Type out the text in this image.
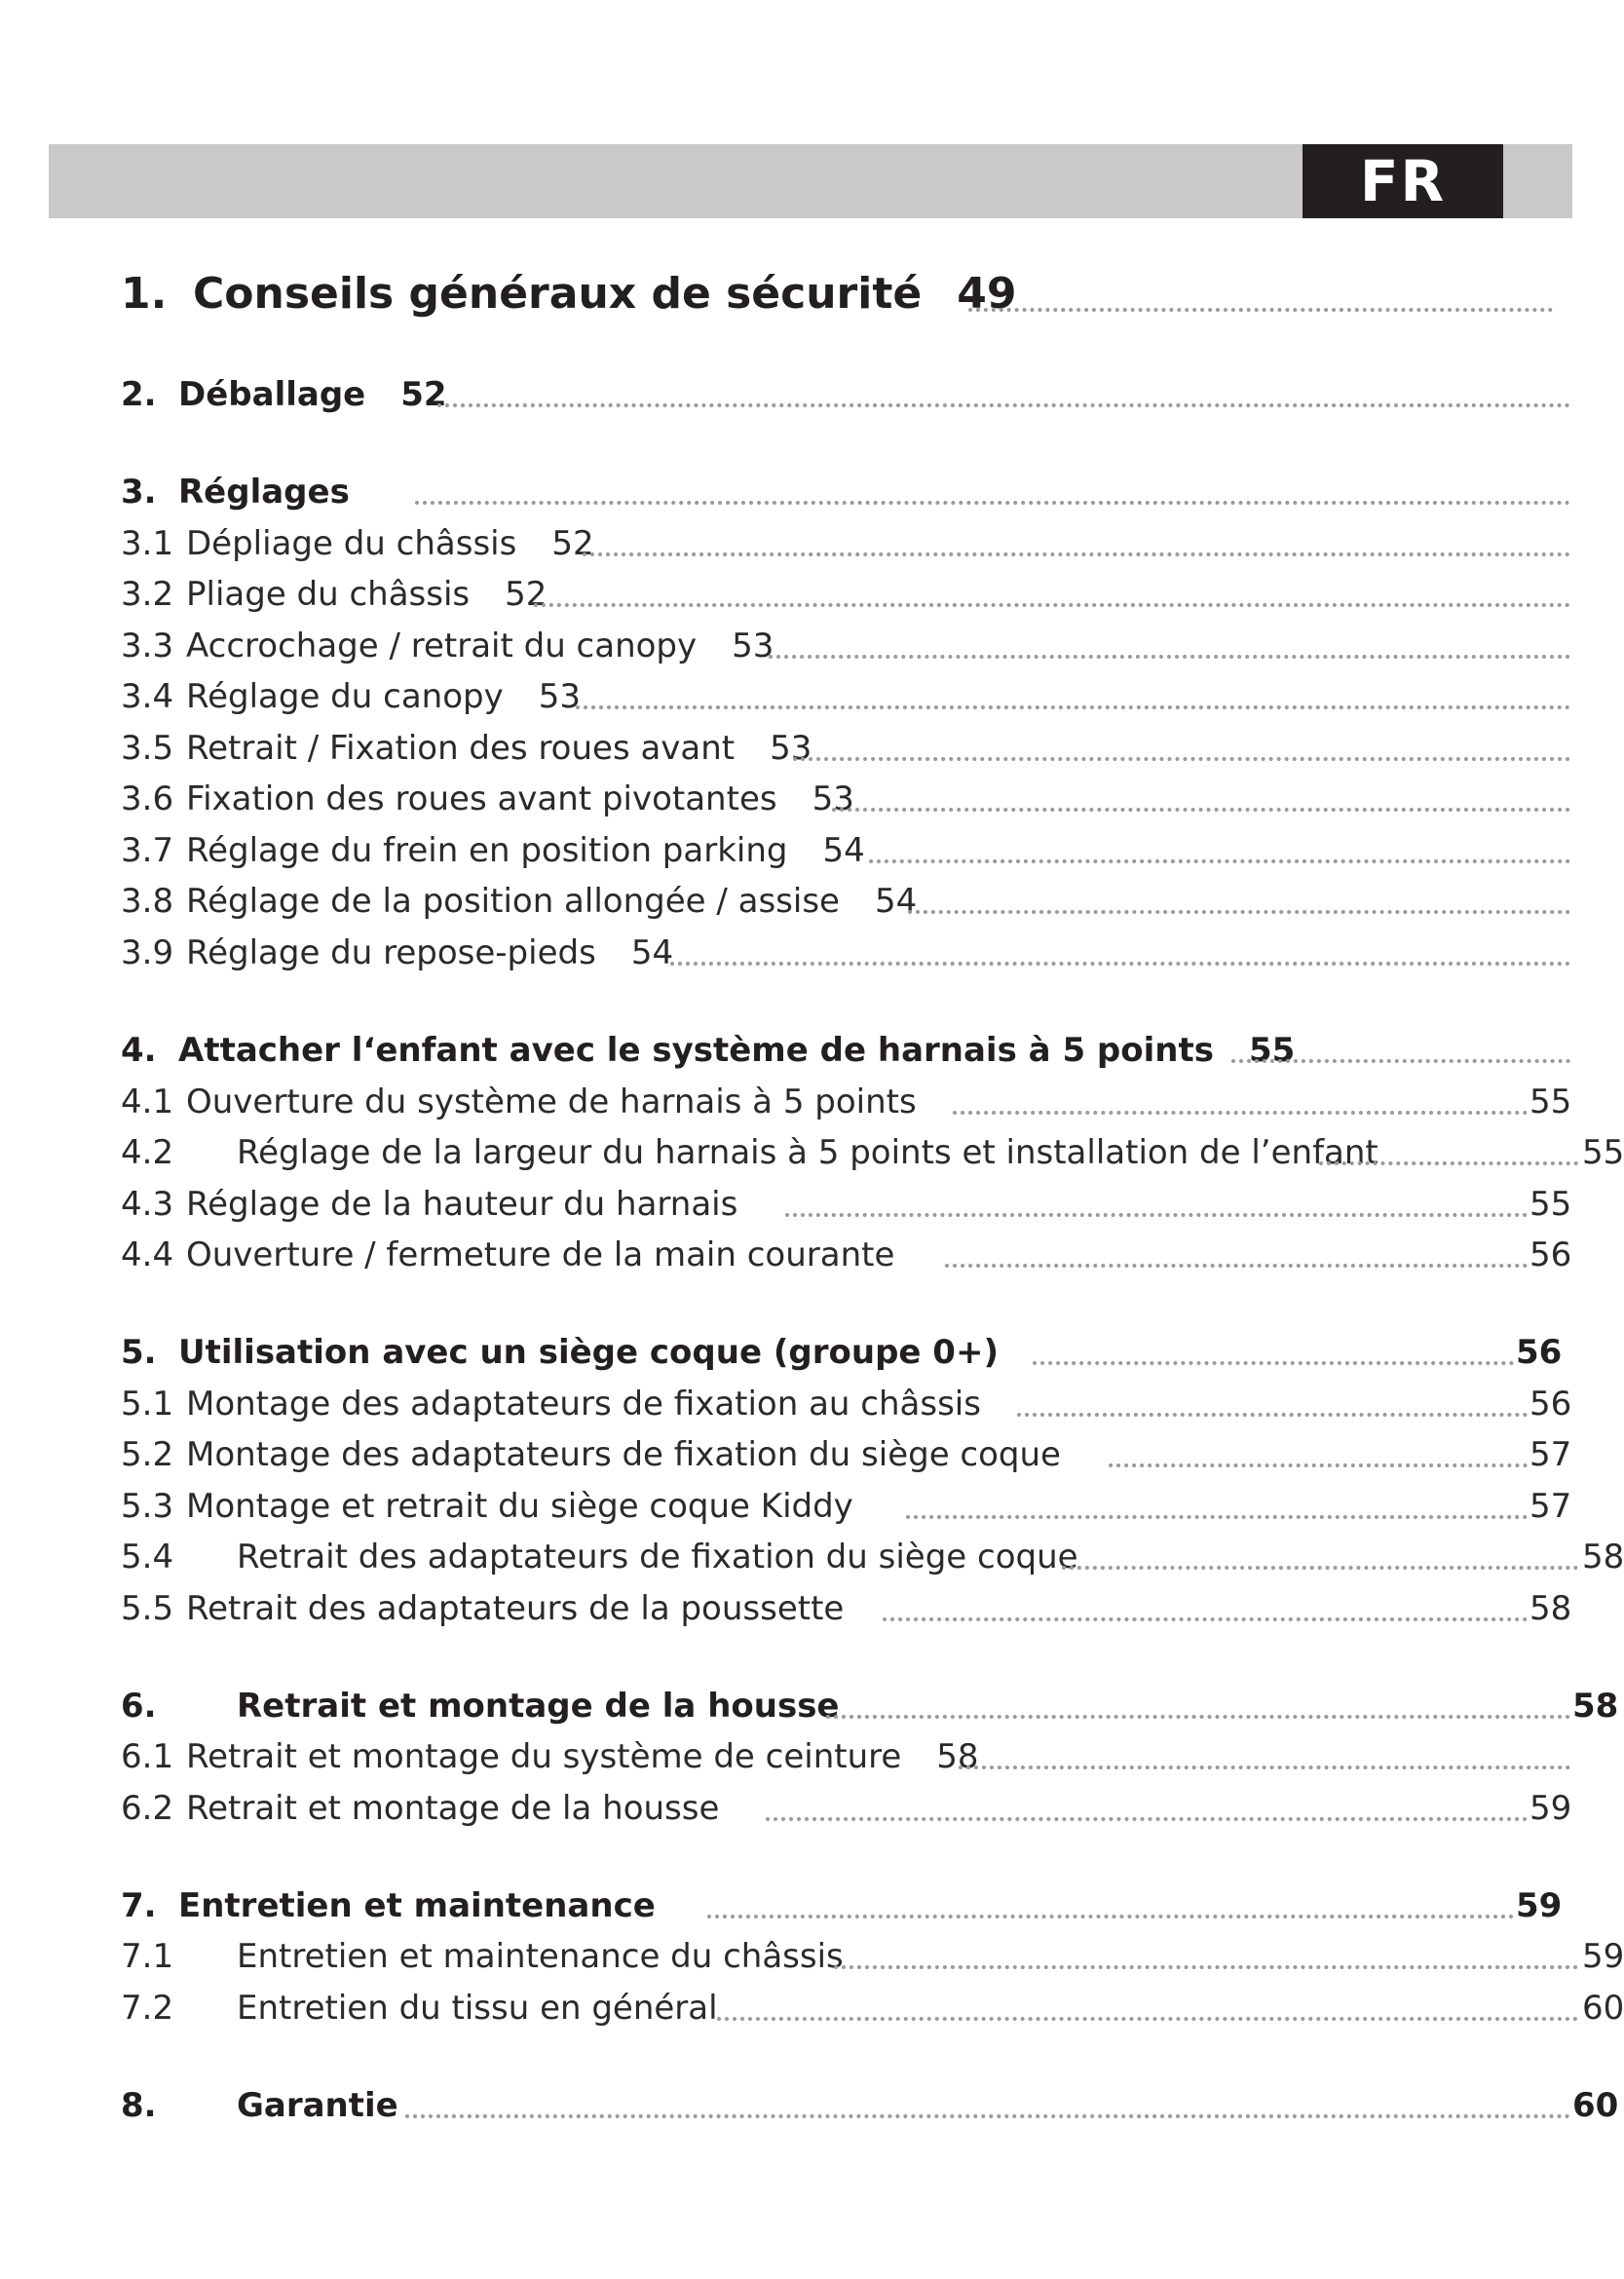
FR
1. Conseils généraux de sécurité 49
2. Déballage 52
3. Réglages
3.1 Dépliage du châssis 52
3.2 Pliage du châssis 52
3.3 Accrochage / retrait du canopy 53
3.4 Réglage du canopy 53
3.5 Retrait / Fixation des roues avant 53
3.6 Fixation des roues avant pivotantes 53
3.7 Réglage du frein en position parking 54
3.8 Réglage de la position allongée / assise 54
3.9 Réglage du repose-pieds 54
4. Attacher l‘enfant avec le système de harnais à 5 points 55
4.1 Ouverture du système de harnais à 5 points	55
4.2 Réglage de la largeur du harnais à 5 points et installation de l’enfant	55
4.3 Réglage de la hauteur du harnais	55
4.4 Ouverture / fermeture de la main courante	56
5. Utilisation avec un siège coque (groupe 0+)	56
5.1 Montage des adaptateurs de fixation au châssis	56
5.2 Montage des adaptateurs de fixation du siège coque	57
5.3 Montage et retrait du siège coque Kiddy	57
5.4 Retrait des adaptateurs de fixation du siège coque	58
5.5 Retrait des adaptateurs de la poussette	58
6. Retrait et montage de la housse	58
6.1 Retrait et montage du système de ceinture 58
6.2 Retrait et montage de la housse	59
7. Entretien et maintenance	59
7.1 Entretien et maintenance du châssis	59
7.2 Entretien du tissu en général	60
8. Garantie	60
